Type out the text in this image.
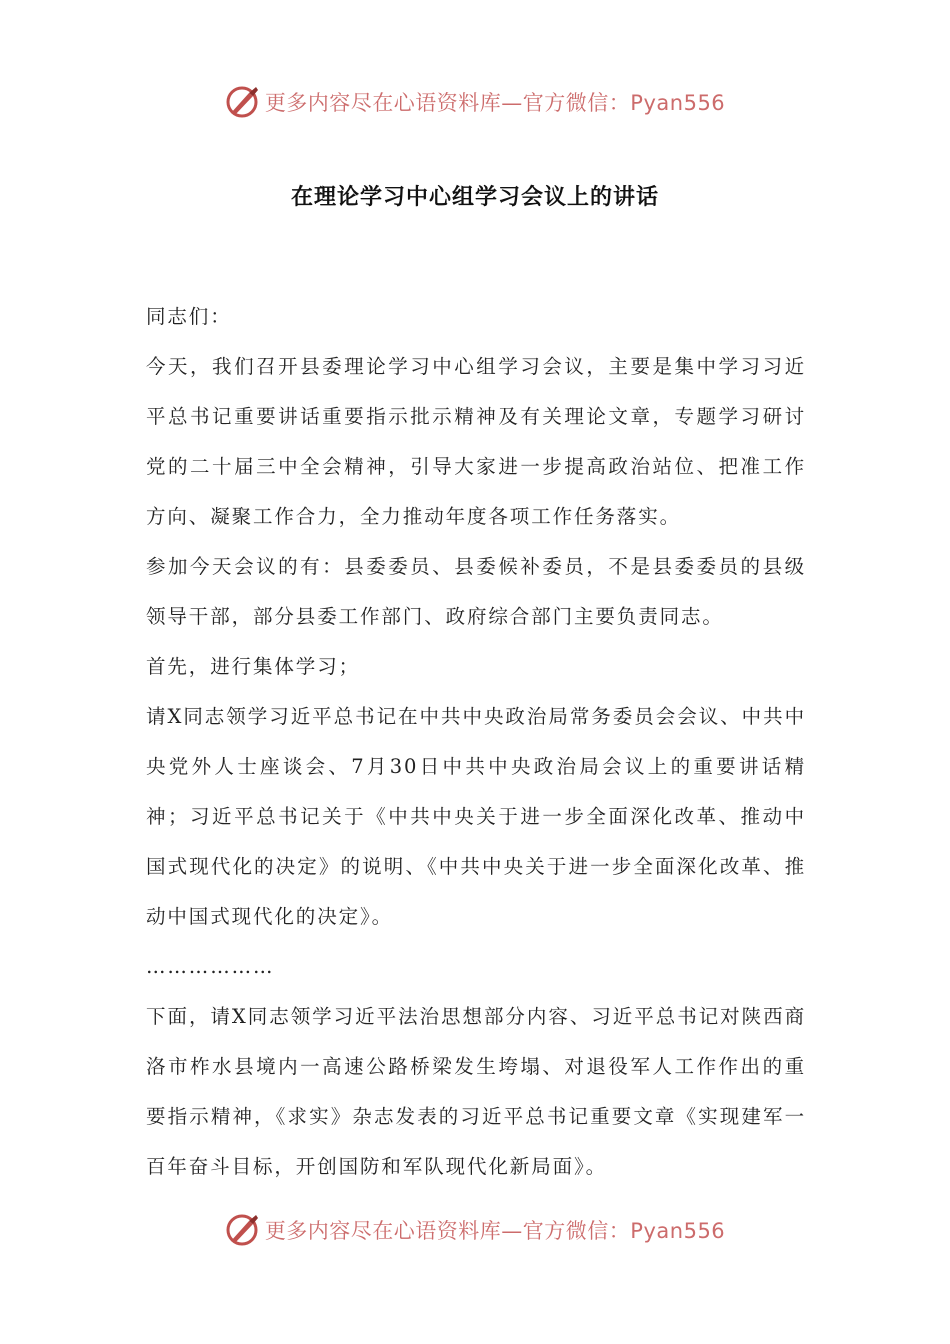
更多内容尽在心语资料库—官方微信：Pyan556
在理论学习中心组学习会议上的讲话

同志们：

今天，我们召开县委理论学习中心组学习会议，主要是集中学习习近平总书记重要讲话重要指示批示精神及有关理论文章，专题学习研讨党的二十届三中全会精神，引导大家进一步提高政治站位、把准工作方向、凝聚工作合力，全力推动年度各项工作任务落实。

参加今天会议的有：县委委员、县委候补委员，不是县委委员的县级领导干部，部分县委工作部门、政府综合部门主要负责同志。

首先，进行集体学习；

请X同志领学习近平总书记在中共中央政治局常务委员会会议、中共中央党外人士座谈会、7月30日中共中央政治局会议上的重要讲话精神；习近平总书记关于《中共中央关于进一步全面深化改革、推动中国式现代化的决定》的说明、《中共中央关于进一步全面深化改革、推动中国式现代化的决定》。

………………

下面，请X同志领学习近平法治思想部分内容、习近平总书记对陕西商洛市柞水县境内一高速公路桥梁发生垮塌、对退役军人工作作出的重要指示精神，《求实》杂志发表的习近平总书记重要文章《实现建军一百年奋斗目标，开创国防和军队现代化新局面》。

更多内容尽在心语资料库—官方微信：Pyan556
